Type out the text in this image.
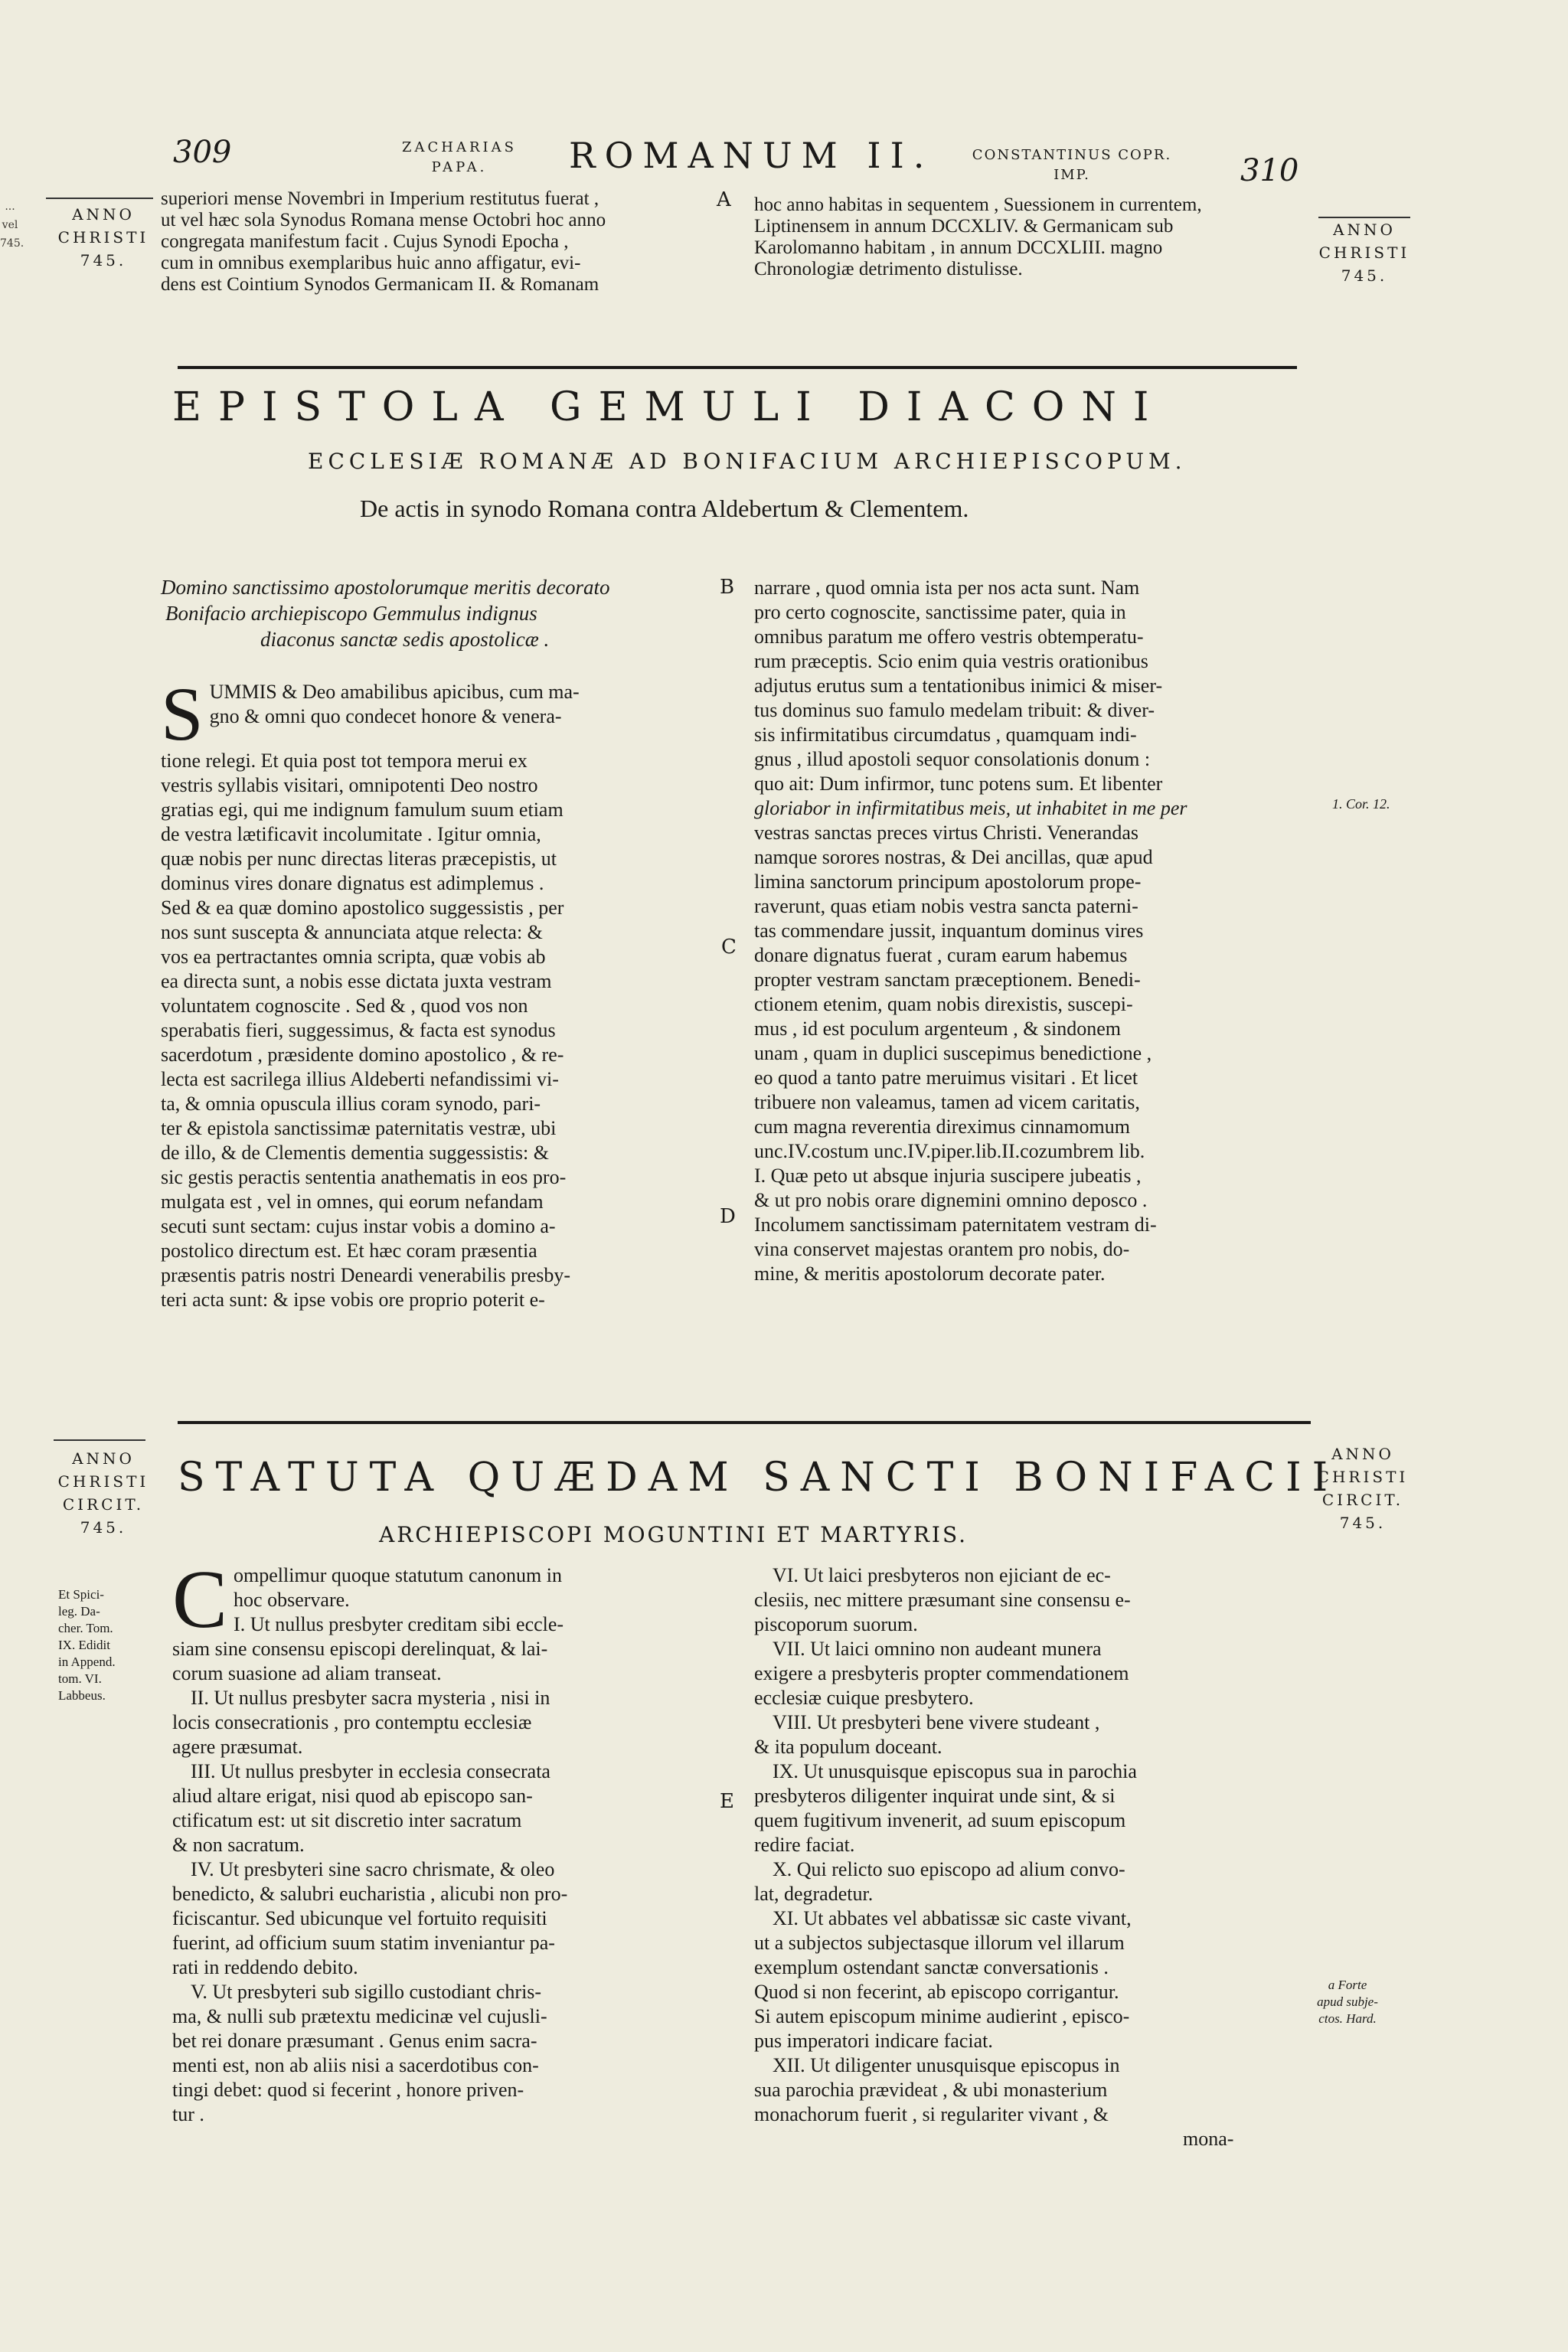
...
vel
745.
309	ZACHARIAS
PAPA.	ROMANUM II.	CONSTANTINUS COPR.
IMP.	310
ANNO
CHRISTI
745.
ANNO
CHRISTI
745.
superiori mense Novembri in Imperium restitutus fuerat ,
ut vel hæc sola Synodus Romana mense Octobri hoc anno
congregata manifestum facit . Cujus Synodi Epocha ,
cum in omnibus exemplaribus huic anno affigatur, evi-
dens est Cointium Synodos Germanicam II. & Romanam
A hoc anno habitas in sequentem , Suessionem in currentem,
Liptinensem in annum DCCXLIV. & Germanicam sub
Karolomanno habitam , in annum DCCXLIII. magno
Chronologiæ detrimento distulisse.
EPISTOLA GEMULI DIACONI
ECCLESIÆ ROMANÆ AD BONIFACIUM ARCHIEPISCOPUM.
De actis in synodo Romana contra Aldebertum & Clementem.
Domino sanctissimo apostolorumque meritis decorato
Bonifacio archiepiscopo Gemmulus indignus
diaconus sanctæ sedis apostolicæ .
S UMMIS & Deo amabilibus apicibus, cum ma-
gno & omni quo condecet honore & venera-
tione relegi. Et quia post tot tempora merui ex
vestris syllabis visitari, omnipotenti Deo nostro
gratias egi, qui me indignum famulum suum etiam
de vestra lætificavit incolumitate . Igitur omnia,
quæ nobis per nunc directas literas præcepistis, ut
dominus vires donare dignatus est adimplemus .
Sed & ea quæ domino apostolico suggessistis , per
nos sunt suscepta & annunciata atque relecta: &
vos ea pertractantes omnia scripta, quæ vobis ab
ea directa sunt, a nobis esse dictata juxta vestram
voluntatem cognoscite . Sed & , quod vos non
sperabatis fieri, suggessimus, & facta est synodus
sacerdotum , præsidente domino apostolico , & re-
lecta est sacrilega illius Aldeberti nefandissimi vi-
ta, & omnia opuscula illius coram synodo, pari-
ter & epistola sanctissimæ paternitatis vestræ, ubi
de illo, & de Clementis dementia suggessistis: &
sic gestis peractis sententia anathematis in eos pro-
mulgata est , vel in omnes, qui eorum nefandam
secuti sunt sectam: cujus instar vobis a domino a-
postolico directum est. Et hæc coram præsentia
præsentis patris nostri Deneardi venerabilis presby-
teri acta sunt: & ipse vobis ore proprio poterit e-
B
C
D
narrare , quod omnia ista per nos acta sunt. Nam
pro certo cognoscite, sanctissime pater, quia in
omnibus paratum me offero vestris obtemperatu-
rum præceptis. Scio enim quia vestris orationibus
adjutus erutus sum a tentationibus inimici & miser-
tus dominus suo famulo medelam tribuit: & diver-
sis infirmitatibus circumdatus , quamquam indi-
gnus , illud apostoli sequor consolationis donum :
quo ait: Dum infirmor, tunc potens sum. Et libenter
gloriabor in infirmitatibus meis, ut inhabitet in me per
vestras sanctas preces virtus Christi. Venerandas
namque sorores nostras, & Dei ancillas, quæ apud
limina sanctorum principum apostolorum prope-
raverunt, quas etiam nobis vestra sancta paterni-
tas commendare jussit, inquantum dominus vires
donare dignatus fuerat , curam earum habemus
propter vestram sanctam præceptionem. Benedi-
ctionem etenim, quam nobis direxistis, suscepi-
mus , id est poculum argenteum , & sindonem
unam , quam in duplici suscepimus benedictione ,
eo quod a tanto patre meruimus visitari . Et licet
tribuere non valeamus, tamen ad vicem caritatis,
cum magna reverentia direximus cinnamomum
unc.IV.costum unc.IV.piper.lib.II.cozumbrem lib.
I. Quæ peto ut absque injuria suscipere jubeatis ,
& ut pro nobis orare dignemini omnino deposco .
Incolumem sanctissimam paternitatem vestram di-
vina conservet majestas orantem pro nobis, do-
mine, & meritis apostolorum decorate pater.
1. Cor. 12.
ANNO
CHRISTI
CIRCIT.
745.
ANNO
CHRISTI
CIRCIT.
745.
STATUTA QUÆDAM SANCTI BONIFACII
ARCHIEPISCOPI MOGUNTINI ET MARTYRIS.
Et Spici-
leg. Da-
cher. Tom.
IX. Edidit
in Append.
tom. VI.
Labbeus.
C ompellimur quoque statutum canonum in
hoc observare.
I. Ut nullus presbyter creditam sibi eccle-
siam sine consensu episcopi derelinquat, & lai-
corum suasione ad aliam transeat.
II. Ut nullus presbyter sacra mysteria , nisi in
locis consecrationis , pro contemptu ecclesiæ
agere præsumat.
III. Ut nullus presbyter in ecclesia consecrata
aliud altare erigat, nisi quod ab episcopo san-
ctificatum est: ut sit discretio inter sacratum
& non sacratum.
IV. Ut presbyteri sine sacro chrismate, & oleo
benedicto, & salubri eucharistia , alicubi non pro-
ficiscantur. Sed ubicunque vel fortuito requisiti
fuerint, ad officium suum statim inveniantur pa-
rati in reddendo debito.
V. Ut presbyteri sub sigillo custodiant chris-
ma, & nulli sub prætextu medicinæ vel cujusli-
bet rei donare præsumant . Genus enim sacra-
menti est, non ab aliis nisi a sacerdotibus con-
tingi debet: quod si fecerint , honore priven-
tur .
E
VI. Ut laici presbyteros non ejiciant de ec-
clesiis, nec mittere præsumant sine consensu e-
piscoporum suorum.
VII. Ut laici omnino non audeant munera
exigere a presbyteris propter commendationem
ecclesiæ cuique presbytero.
VIII. Ut presbyteri bene vivere studeant ,
& ita populum doceant.
IX. Ut unusquisque episcopus sua in parochia
presbyteros diligenter inquirat unde sint, & si
quem fugitivum invenerit, ad suum episcopum
redire faciat.
X. Qui relicto suo episcopo ad alium convo-
lat, degradetur.
XI. Ut abbates vel abbatissæ sic caste vivant,
ut a subjectos subjectasque illorum vel illarum
exemplum ostendant sanctæ conversationis .
Quod si non fecerint, ab episcopo corrigantur.
Si autem episcopum minime audierint , episco-
pus imperatori indicare faciat.
XII. Ut diligenter unusquisque episcopus in
sua parochia prævideat , & ubi monasterium
monachorum fuerit , si regulariter vivant , &
mona-
a Forte
apud subje-
ctos. Hard.
